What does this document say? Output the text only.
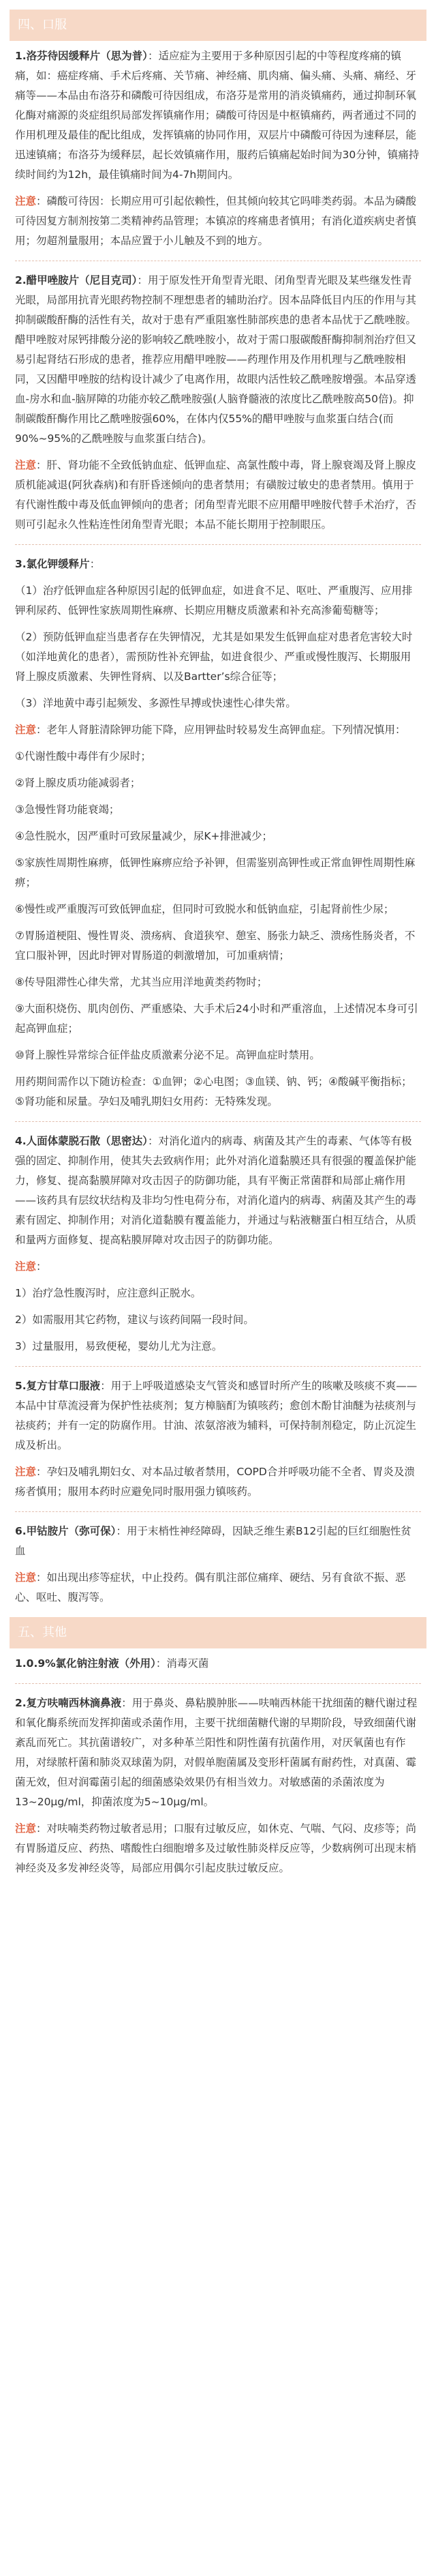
四、口服

1.洛芬待因缓释片（思为普）：适应症为主要用于多种原因引起的中等程度疼痛的镇痛，如：癌症疼痛、手术后疼痛、关节痛、神经痛、肌肉痛、偏头痛、头痛、痛经、牙痛等——本品由布洛芬和磷酸可待因组成，布洛芬是常用的消炎镇痛药，通过抑制环氧化酶对痛源的炎症组织局部发挥镇痛作用；磷酸可待因是中枢镇痛药，两者通过不同的作用机理及最佳的配比组成，发挥镇痛的协同作用，双层片中磷酸可待因为速释层，能迅速镇痛；布洛芬为缓释层，起长效镇痛作用，服药后镇痛起始时间为30分钟，镇痛持续时间约为12h，最佳镇痛时间为4-7h期间内。

注意：磷酸可待因：长期应用可引起依赖性，但其倾向较其它吗啡类药弱。本品为磷酸可待因复方制剂按第二类精神药品管理；本镇凉的疼痛患者慎用；有消化道疾病史者慎用；勿超剂量服用；本品应置于小儿触及不到的地方。

2.醋甲唑胺片（尼目克司）：用于原发性开角型青光眼、闭角型青光眼及某些继发性青光眼，局部用抗青光眼药物控制不理想患者的辅助治疗。因本品降低目内压的作用与其抑制碳酸酐酶的活性有关，故对于患有严重阻塞性肺部疾患的患者本品忧于乙酰唑胺。醋甲唑胺对尿钙排酸分泌的影响较乙酰唑胺小，故对于需口服碳酸酐酶抑制剂治疗但又易引起肾结石形成的患者，推荐应用醋甲唑胺——药理作用及作用机理与乙酰唑胺相同，又因醋甲唑胺的结构设计减少了电离作用，故眼内活性较乙酰唑胺增强。本品穿透血-房水和血-脑屏障的功能亦较乙酰唑胺强(人脑脊髓液的浓度比乙酰唑胺高50倍)。抑制碳酸酐酶作用比乙酰唑胺强60%，在体内仅55%的醋甲唑胺与血浆蛋白结合(而90%~95%的乙酰唑胺与血浆蛋白结合)。

注意：肝、肾功能不全致低钠血症、低钾血症、高氯性酸中毒，肾上腺衰竭及肾上腺皮质机能减退(阿狄森病)和有肝昏迷倾向的患者禁用；有磺胺过敏史的患者禁用。慎用于有代谢性酸中毒及低血钾倾向的患者；闭角型青光眼不应用醋甲唑胺代替手术治疗，否则可引起永久性粘连性闭角型青光眼；本品不能长期用于控制眼压。

3.氯化钾缓释片：

（1）治疗低钾血症各种原因引起的低钾血症，如进食不足、呕吐、严重腹泻、应用排钾利尿药、低钾性家族周期性麻痹、长期应用糖皮质激素和补充高渗葡萄糖等；

（2）预防低钾血症当患者存在失钾情况，尤其是如果发生低钾血症对患者危害较大时（如洋地黄化的患者），需预防性补充钾盐，如进食很少、严重或慢性腹泻、长期服用肾上腺皮质激素、失钾性肾病、以及Bartter’s综合征等；

（3）洋地黄中毒引起频发、多源性早搏或快速性心律失常。

注意：老年人肾脏清除钾功能下降，应用钾盐时较易发生高钾血症。下列情况慎用：

①代谢性酸中毒伴有少尿时；

②肾上腺皮质功能减弱者；

③急慢性肾功能衰竭；

④急性脱水，因严重时可致尿量减少，尿K+排泄减少；

⑤家族性周期性麻痹，低钾性麻痹应给予补钾，但需鉴别高钾性或正常血钾性周期性麻痹；

⑥慢性或严重腹泻可致低钾血症，但同时可致脱水和低钠血症，引起肾前性少尿；

⑦胃肠道梗阻、慢性胃炎、溃疡病、食道狭窄、憩室、肠张力缺乏、溃疡性肠炎者，不宜口服补钾，因此时钾对胃肠道的刺激增加，可加重病情；

⑧传导阻滞性心律失常，尤其当应用洋地黄类药物时；

⑨大面积烧伤、肌肉创伤、严重感染、大手术后24小时和严重溶血，上述情况本身可引起高钾血症；

⑩肾上腺性异常综合征伴盐皮质激素分泌不足。高钾血症时禁用。

用药期间需作以下随访检查：①血钾；②心电图；③血镁、钠、钙；④酸碱平衡指标；⑤肾功能和尿量。孕妇及哺乳期妇女用药：无特殊发现。

4.人面体蒙脱石散（思密达）：对消化道内的病毒、病菌及其产生的毒素、气体等有极强的固定、抑制作用，使其失去致病作用；此外对消化道黏膜还具有很强的覆盖保护能力，修复、提高黏膜屏障对攻击因子的防御功能，具有平衡正常菌群和局部止痛作用——该药具有层纹状结构及非均匀性电荷分布，对消化道内的病毒、病菌及其产生的毒素有固定、抑制作用；对消化道黏膜有覆盖能力，并通过与粘液糖蛋白相互结合，从质和量两方面修复、提高粘膜屏障对攻击因子的防御功能。

注意：

1）治疗急性腹泻时，应注意纠正脱水。

2）如需服用其它药物，建议与该药间隔一段时间。

3）过量服用，易致便秘，婴幼儿尤为注意。

5.复方甘草口服液：用于上呼吸道感染支气管炎和感冒时所产生的咳嗽及咳痰不爽——本品中甘草流浸膏为保护性祛痰剂；复方樟脑酊为镇咳药；愈创木酚甘油醚为祛痰剂与祛痰药；并有一定的防腐作用。甘油、浓氨溶液为辅料，可保持制剂稳定，防止沉淀生成及析出。

注意：孕妇及哺乳期妇女、对本品过敏者禁用，COPD合并呼吸功能不全者、胃炎及溃疡者慎用；服用本药时应避免同时服用强力镇咳药。

6.甲钴胺片（弥可保）：用于末梢性神经障碍，因缺乏维生素B12引起的巨红细胞性贫血

注意：如出现出疹等症状，中止投药。偶有肌注部位痛痒、硬结、另有食欲不振、恶心、呕吐、腹泻等。

五、其他

1.0.9%氯化钠注射液（外用）：消毒灭菌

2.复方呋喃西林滴鼻液：用于鼻炎、鼻粘膜肿胀——呋喃西林能干扰细菌的糖代谢过程和氧化酶系统而发挥抑菌或杀菌作用，主要干扰细菌糖代谢的早期阶段，导致细菌代谢紊乱而死亡。其抗菌谱较广，对多种革兰阳性和阴性菌有抗菌作用，对厌氧菌也有作用，对绿脓杆菌和肺炎双球菌为阴，对假单胞菌属及变形杆菌属有耐药性，对真菌、霉菌无效，但对润霉菌引起的细菌感染效果仍有相当效力。对敏感菌的杀菌浓度为13~20μg/ml，抑菌浓度为5~10μg/ml。

注意：对呋喃类药物过敏者忌用；口服有过敏反应，如休克、气喘、气闷、皮疹等；尚有胃肠道反应、药热、嗜酸性白细胞增多及过敏性肺炎样反应等，少数病例可出现末梢神经炎及多发神经炎等，局部应用偶尔引起皮肤过敏反应。
